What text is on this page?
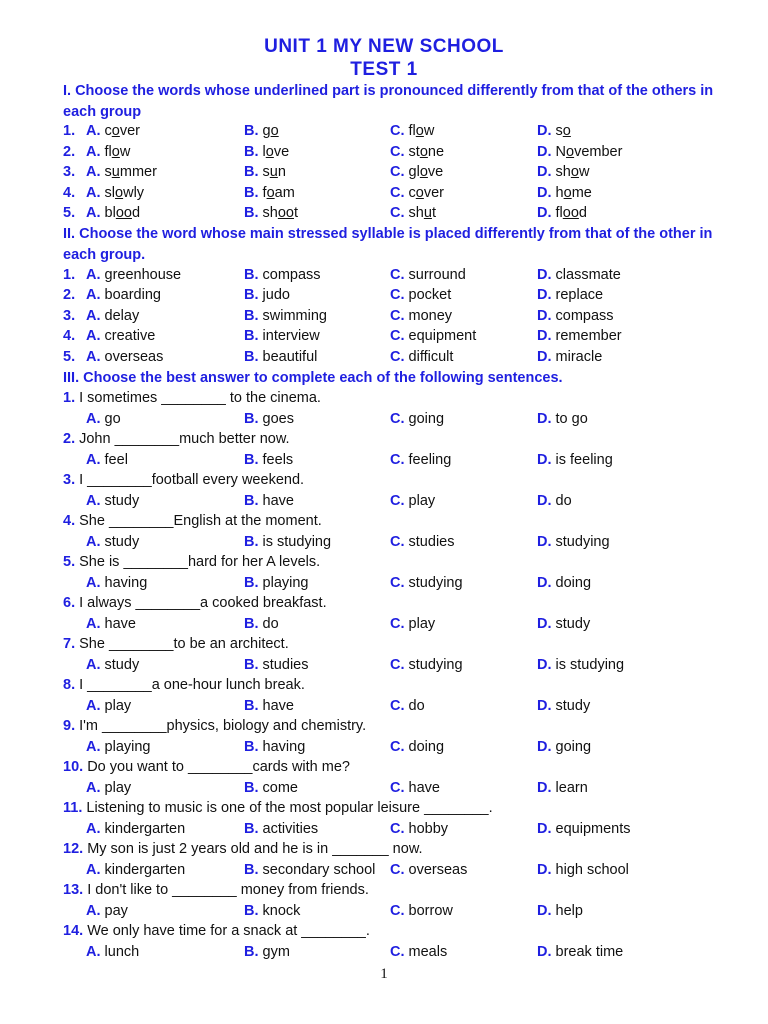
UNIT 1 MY NEW SCHOOL
TEST 1
I. Choose the words whose underlined part is pronounced differently from that of the others in
each group
1. A. cover	B. go	C. flow	D. so
2. A. flow	B. love	C. stone	D. November
3. A. summer	B. sun	C. glove	D. show
4. A. slowly	B. foam	C. cover	D. home
5. A. blood	B. shoot	C. shut	D. flood
II. Choose the word whose main stressed syllable is placed differently from that of the other in
each group.
1. A. greenhouse	B. compass	C. surround	D. classmate
2. A. boarding	B. judo	C. pocket	D. replace
3. A. delay	B. swimming	C. money	D. compass
4. A. creative	B. interview	C. equipment	D. remember
5. A. overseas	B. beautiful	C. difficult	D. miracle
III. Choose the best answer to complete each of the following sentences.
1. I sometimes ________ to the cinema.
A. go	B. goes	C. going	D. to go
2. John ________much better now.
A. feel	B. feels	C. feeling	D. is feeling
3. I ________football every weekend.
A. study	B. have	C. play	D. do
4. She ________English at the moment.
A. study	B. is studying	C. studies	D. studying
5. She is ________hard for her A levels.
A. having	B. playing	C. studying	D. doing
6. I always ________a cooked breakfast.
A. have	B. do	C. play	D. study
7. She ________to be an architect.
A. study	B. studies	C. studying	D. is studying
8. I ________a one-hour lunch break.
A. play	B. have	C. do	D. study
9. I'm ________physics, biology and chemistry.
A. playing	B. having	C. doing	D. going
10. Do you want to ________cards with me?
A. play	B. come	C. have	D. learn
11. Listening to music is one of the most popular leisure ________.
A. kindergarten	B. activities	C. hobby	D. equipments
12. My son is just 2 years old and he is in _______ now.
A. kindergarten	B. secondary school C. overseas	D. high school
13. I don't like to ________ money from friends.
A. pay	B. knock	C. borrow	D. help
14. We only have time for a snack at ________.
A. lunch	B. gym	C. meals	D. break time
1
